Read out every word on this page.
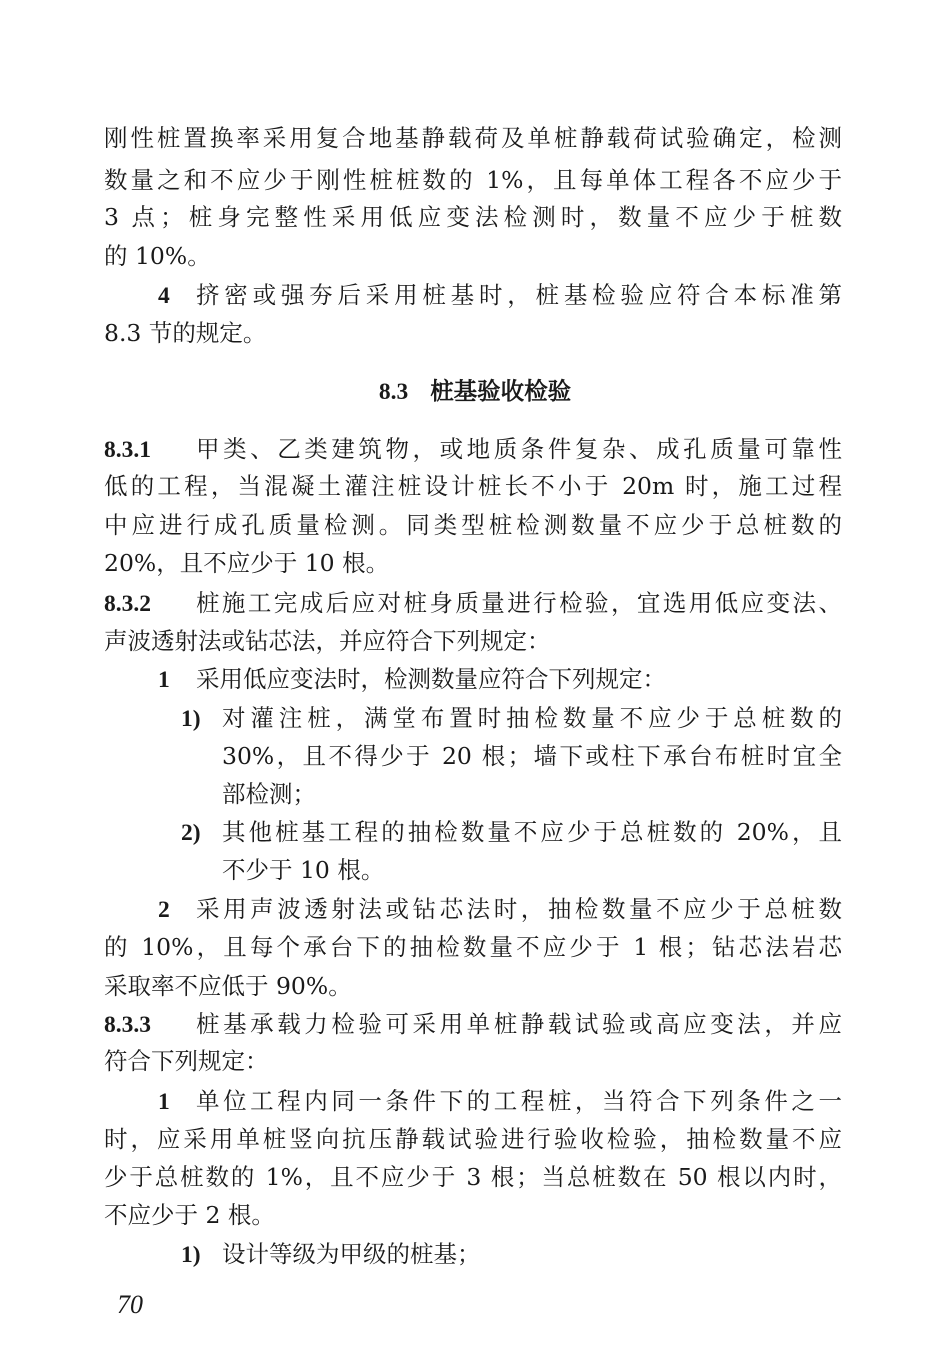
刚性桩置换率采用复合地基静载荷及单桩静载荷试验确定，检测
数量之和不应少于刚性桩桩数的 1%，且每单体工程各不应少于
3 点；桩身完整性采用低应变法检测时，数量不应少于桩数
的 10%。
4 挤密或强夯后采用桩基时，桩基检验应符合本标准第
8.3 节的规定。
8.3 桩基验收检验
8.3.1 甲类、乙类建筑物，或地质条件复杂、成孔质量可靠性
低的工程，当混凝土灌注桩设计桩长不小于 20m 时，施工过程
中应进行成孔质量检测。同类型桩检测数量不应少于总桩数的
20%，且不应少于 10 根。
8.3.2 桩施工完成后应对桩身质量进行检验，宜选用低应变法、
声波透射法或钻芯法，并应符合下列规定：
1 采用低应变法时，检测数量应符合下列规定：
1) 对灌注桩，满堂布置时抽检数量不应少于总桩数的
30%，且不得少于 20 根；墙下或柱下承台布桩时宜全
部检测；
2) 其他桩基工程的抽检数量不应少于总桩数的 20%，且
不少于 10 根。
2 采用声波透射法或钻芯法时，抽检数量不应少于总桩数
的 10%，且每个承台下的抽检数量不应少于 1 根；钻芯法岩芯
采取率不应低于 90%。
8.3.3 桩基承载力检验可采用单桩静载试验或高应变法，并应
符合下列规定：
1 单位工程内同一条件下的工程桩，当符合下列条件之一
时，应采用单桩竖向抗压静载试验进行验收检验，抽检数量不应
少于总桩数的 1%，且不应少于 3 根；当总桩数在 50 根以内时，
不应少于 2 根。
1) 设计等级为甲级的桩基；
70
